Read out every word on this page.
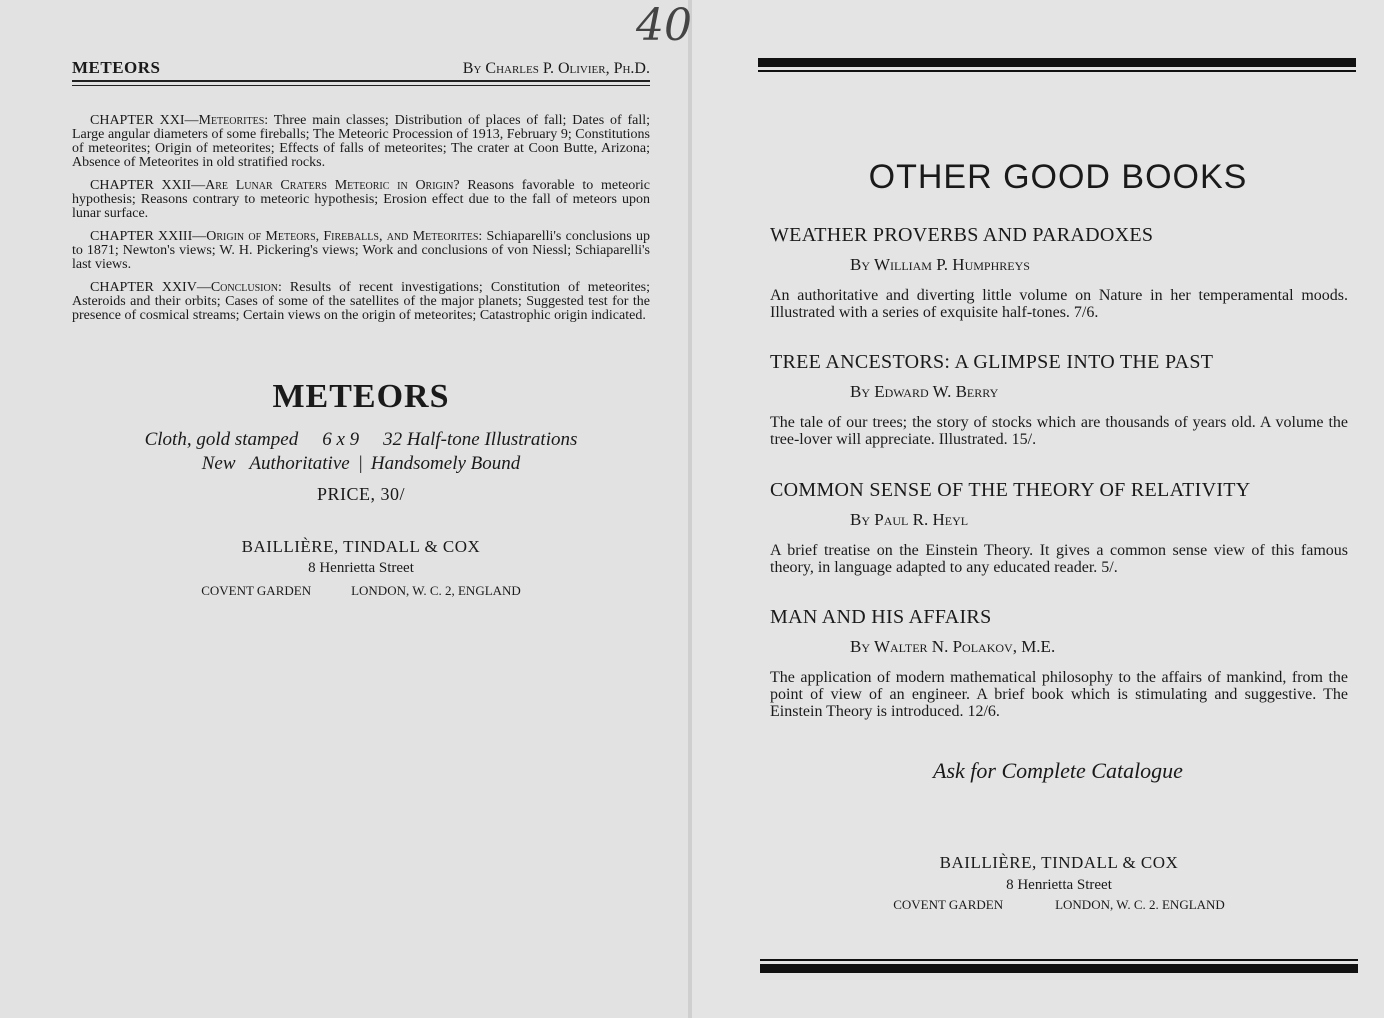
METEORS	By Charles P. Olivier, Ph.D.

CHAPTER XXI—Meteorites: Three main classes; Distribution of places of fall; Dates of fall; Large angular diameters of some fireballs; The Meteoric Procession of 1913, February 9; Constitutions of meteorites; Origin of meteorites; Effects of falls of meteorites; The crater at Coon Butte, Arizona; Absence of Meteorites in old stratified rocks.

CHAPTER XXII—Are Lunar Craters Meteoric in Origin? Reasons favorable to meteoric hypothesis; Reasons contrary to meteoric hypothesis; Erosion effect due to the fall of meteors upon lunar surface.

CHAPTER XXIII—Origin of Meteors, Fireballs, and Meteorites: Schiaparelli's conclusions up to 1871; Newton's views; W. H. Pickering's views; Work and conclusions of von Niessl; Schiaparelli's last views.

CHAPTER XXIV—Conclusion: Results of recent investigations; Constitution of meteorites; Asteroids and their orbits; Cases of some of the satellites of the major planets; Suggested test for the presence of cosmical streams; Certain views on the origin of meteorites; Catastrophic origin indicated.

METEORS
Cloth, gold stamped 6 x 9 32 Half-tone Illustrations
New   Authoritative | Handsomely Bound
PRICE, 30/
BAILLIÈRE, TINDALL & COX
8 Henrietta Street
COVENT GARDEN	LONDON, W. C. 2, ENGLAND
40
OTHER GOOD BOOKS
WEATHER PROVERBS AND PARADOXES
By William P. Humphreys
An authoritative and diverting little volume on Nature in her temperamental moods. Illustrated with a series of exquisite half-tones. 7/6.
TREE ANCESTORS: A GLIMPSE INTO THE PAST
By Edward W. Berry
The tale of our trees; the story of stocks which are thousands of years old. A volume the tree-lover will appreciate. Illustrated. 15/.
COMMON SENSE OF THE THEORY OF RELATIVITY
By Paul R. Heyl
A brief treatise on the Einstein Theory. It gives a common sense view of this famous theory, in language adapted to any educated reader. 5/.
MAN AND HIS AFFAIRS
By Walter N. Polakov, M.E.
The application of modern mathematical philosophy to the affairs of mankind, from the point of view of an engineer. A brief book which is stimulating and suggestive. The Einstein Theory is introduced. 12/6.
Ask for Complete Catalogue
BAILLIÈRE, TINDALL & COX
8 Henrietta Street
COVENT GARDEN	LONDON, W. C. 2. ENGLAND
